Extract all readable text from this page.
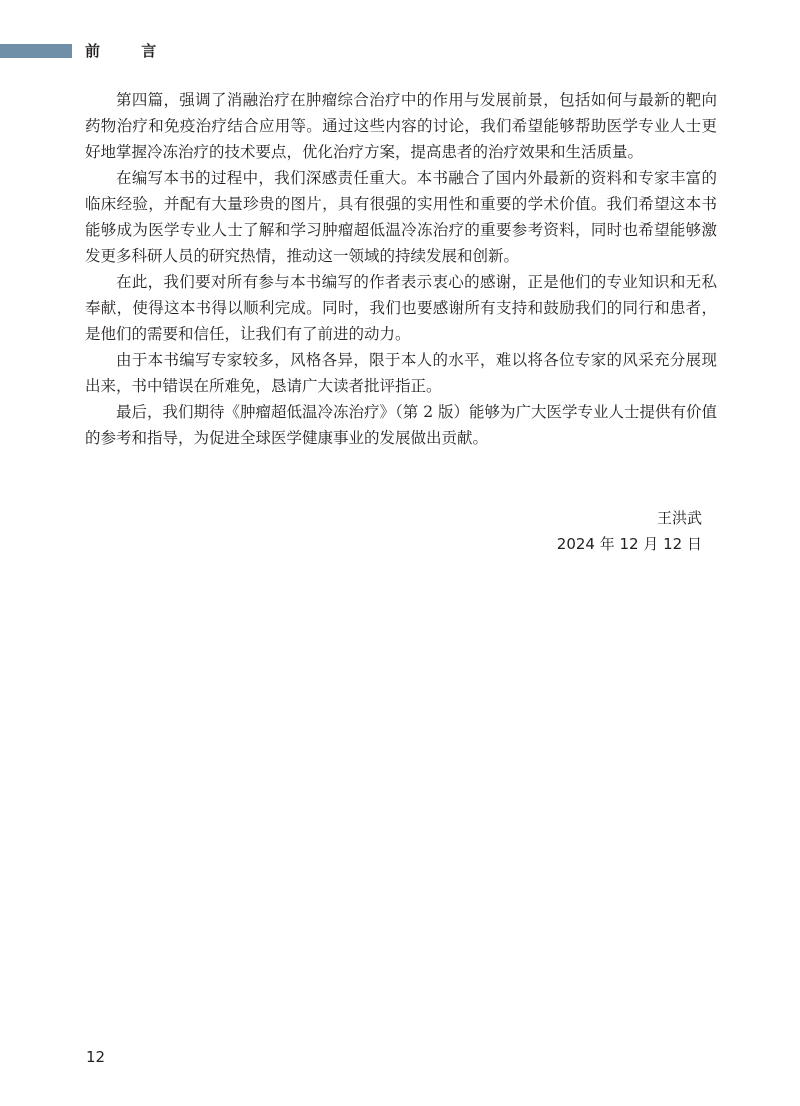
前 言

第四篇，强调了消融治疗在肿瘤综合治疗中的作用与发展前景，包括如何与最新的靶向药物治疗和免疫治疗结合应用等。通过这些内容的讨论，我们希望能够帮助医学专业人士更好地掌握冷冻治疗的技术要点，优化治疗方案，提高患者的治疗效果和生活质量。

在编写本书的过程中，我们深感责任重大。本书融合了国内外最新的资料和专家丰富的临床经验，并配有大量珍贵的图片，具有很强的实用性和重要的学术价值。我们希望这本书能够成为医学专业人士了解和学习肿瘤超低温冷冻治疗的重要参考资料，同时也希望能够激发更多科研人员的研究热情，推动这一领域的持续发展和创新。

在此，我们要对所有参与本书编写的作者表示衷心的感谢，正是他们的专业知识和无私奉献，使得这本书得以顺利完成。同时，我们也要感谢所有支持和鼓励我们的同行和患者，是他们的需要和信任，让我们有了前进的动力。

由于本书编写专家较多，风格各异，限于本人的水平，难以将各位专家的风采充分展现出来，书中错误在所难免，恳请广大读者批评指正。

最后，我们期待《肿瘤超低温冷冻治疗》（第 2 版）能够为广大医学专业人士提供有价值的参考和指导，为促进全球医学健康事业的发展做出贡献。

王洪武
2024 年 12 月 12 日
12
